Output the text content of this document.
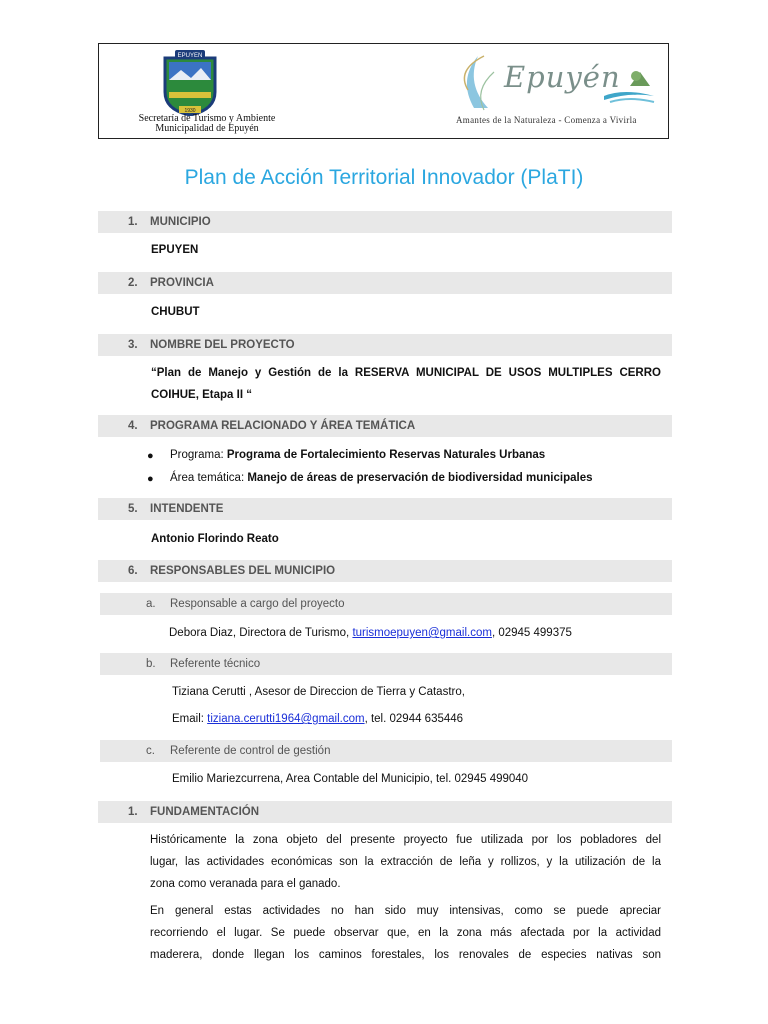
EPUYEN
1930
Secretaría de Turismo y Ambiente
Municipalidad de Epuyén
Epuyén
Amantes de la Naturaleza - Comenza a Vivirla
Plan de Acción Territorial Innovador (PlaTI)
1. MUNICIPIO
EPUYEN
2. PROVINCIA
CHUBUT
3. NOMBRE DEL PROYECTO
“Plan de Manejo y Gestión de la RESERVA MUNICIPAL DE USOS MULTIPLES CERRO
COIHUE, Etapa II “
4. PROGRAMA RELACIONADO Y ÁREA TEMÁTICA
● Programa: Programa de Fortalecimiento Reservas Naturales Urbanas
● Área temática: Manejo de áreas de preservación de biodiversidad municipales
5. INTENDENTE
Antonio Florindo Reato
6. RESPONSABLES DEL MUNICIPIO
a. Responsable a cargo del proyecto
Debora Diaz, Directora de Turismo, turismoepuyen@gmail.com, 02945 499375
b. Referente técnico
Tiziana Cerutti , Asesor de Direccion de Tierra y Catastro,
Email: tiziana.cerutti1964@gmail.com, tel. 02944 635446
c. Referente de control de gestión
Emilio Mariezcurrena, Area Contable del Municipio, tel. 02945 499040
1. FUNDAMENTACIÓN
Históricamente la zona objeto del presente proyecto fue utilizada por los pobladores del
lugar, las actividades económicas son la extracción de leña y rollizos, y la utilización de la
zona como veranada para el ganado.
En general estas actividades no han sido muy intensivas, como se puede apreciar
recorriendo el lugar. Se puede observar que, en la zona más afectada por la actividad
maderera, donde llegan los caminos forestales, los renovales de especies nativas son
